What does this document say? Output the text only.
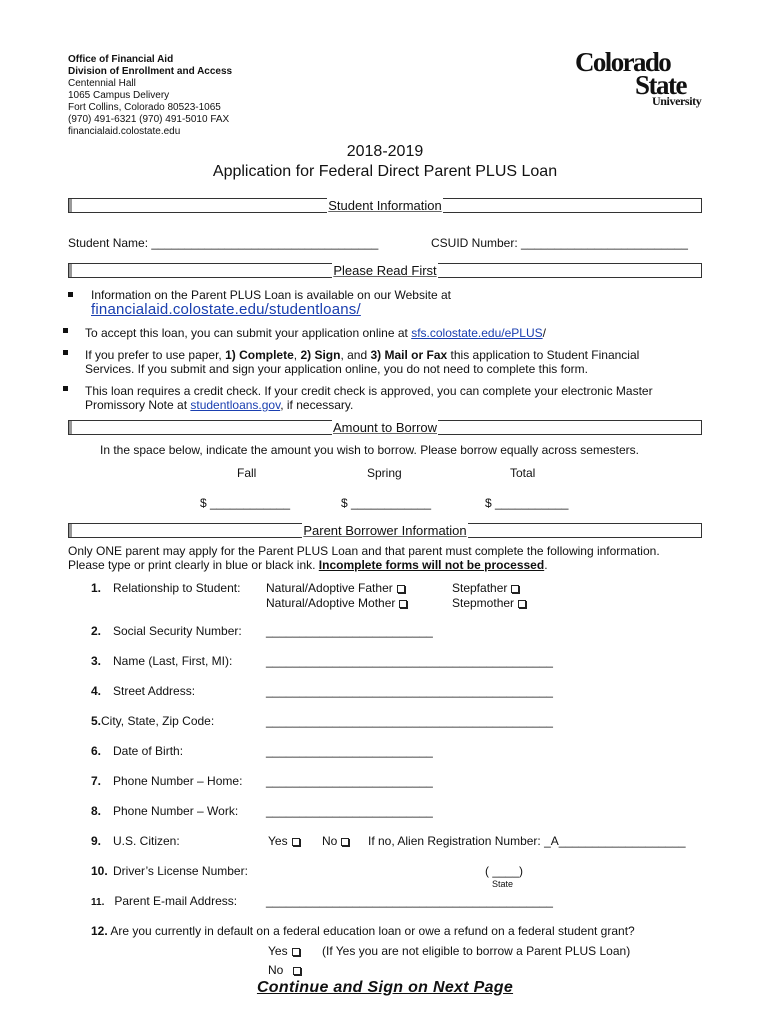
Office of Financial Aid
Division of Enrollment and Access
Centennial Hall
1065 Campus Delivery
Fort Collins, Colorado 80523-1065
(970) 491-6321 (970) 491-5010 FAX
financialaid.colostate.edu
Colorado
State
University
2018-2019
Application for Federal Direct Parent PLUS Loan
Student Information
Student Name: __________________________________	CSUID Number: _________________________
Please Read First
Information on the Parent PLUS Loan is available on our Website at
financialaid.colostate.edu/studentloans/
To accept this loan, you can submit your application online at sfs.colostate.edu/ePLUS/
If you prefer to use paper, 1) Complete, 2) Sign, and 3) Mail or Fax this application to Student Financial
Services. If you submit and sign your application online, you do not need to complete this form.
This loan requires a credit check. If your credit check is approved, you can complete your electronic Master
Promissory Note at studentloans.gov, if necessary.
Amount to Borrow
In the space below, indicate the amount you wish to borrow. Please borrow equally across semesters.
Fall	Spring	Total
$ ____________	$ ____________	$ ___________
Parent Borrower Information
Only ONE parent may apply for the Parent PLUS Loan and that parent must complete the following information.
Please type or print clearly in blue or black ink. Incomplete forms will not be processed.
1. Relationship to Student: Natural/Adoptive Father
Natural/Adoptive Mother
Stepfather
Stepmother
2. Social Security Number: _________________________
3. Name (Last, First, MI):	___________________________________________
4. Street Address:	___________________________________________
5.City, State, Zip Code:	___________________________________________
6. Date of Birth:	_________________________
7. Phone Number – Home: _________________________
8. Phone Number – Work: _________________________
9. U.S. Citizen:	Yes	No	If no, Alien Registration Number: _A___________________
10. Driver’s License Number:	( ____)
State
11. Parent E-mail Address: ___________________________________________
12. Are you currently in default on a federal education loan or owe a refund on a federal student grant?
Yes	(If Yes you are not eligible to borrow a Parent PLUS Loan)
No
Continue and Sign on Next Page
